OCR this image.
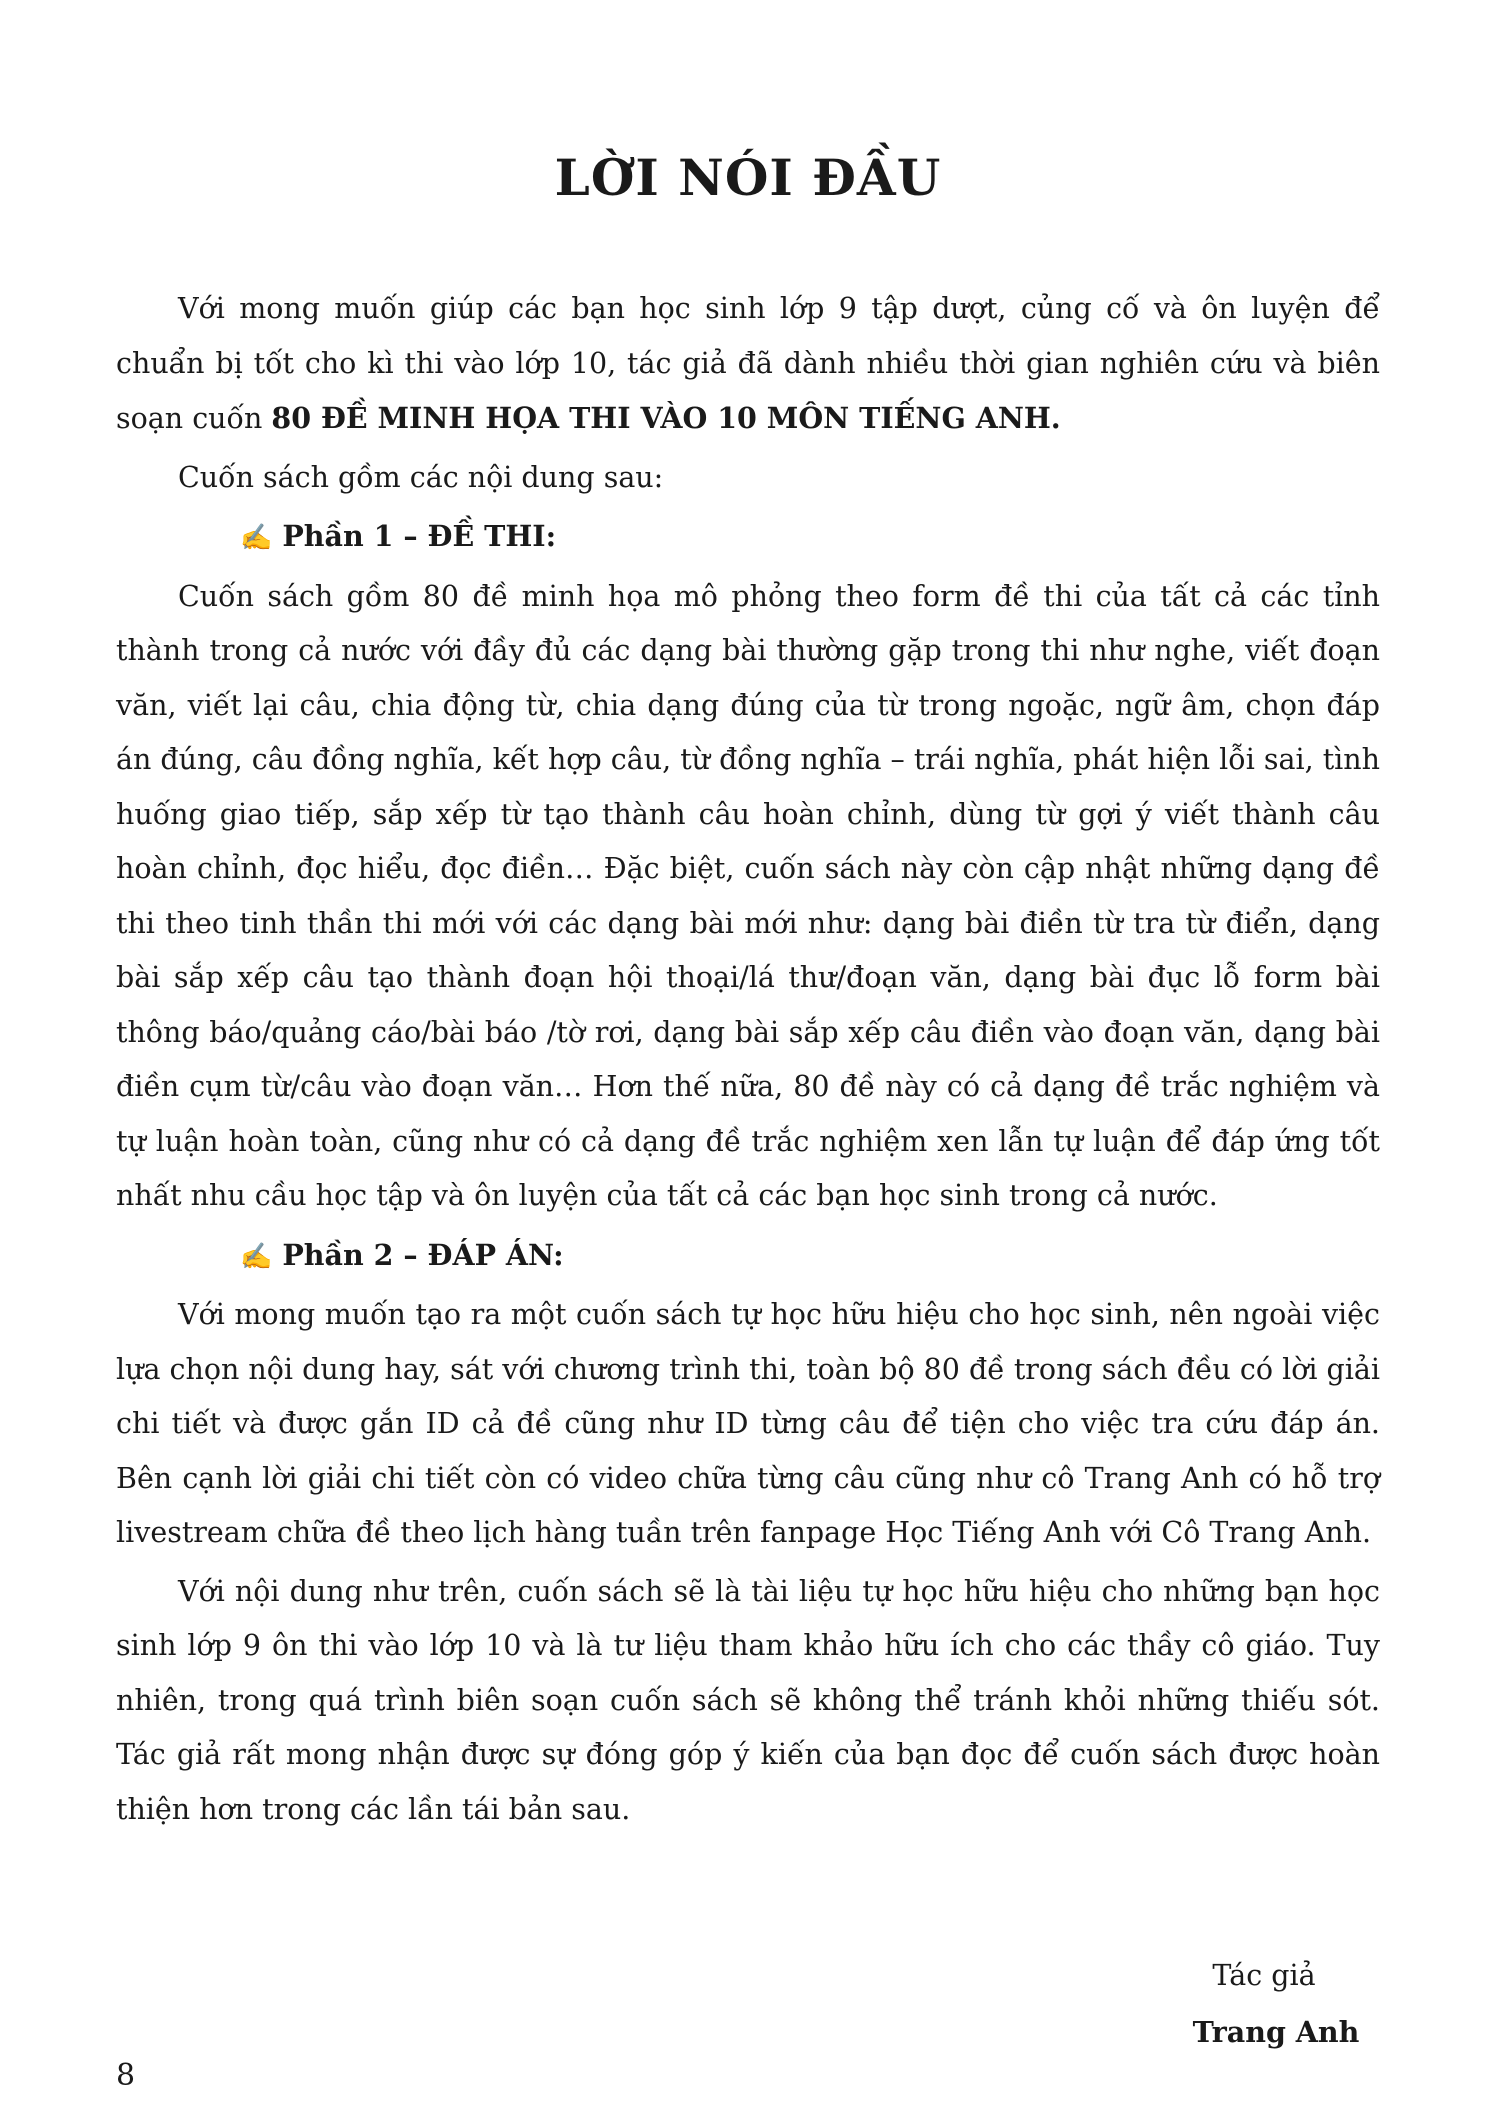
LỜI NÓI ĐẦU

Với mong muốn giúp các bạn học sinh lớp 9 tập dượt, củng cố và ôn luyện để chuẩn bị tốt cho kì thi vào lớp 10, tác giả đã dành nhiều thời gian nghiên cứu và biên soạn cuốn 80 ĐỀ MINH HỌA THI VÀO 10 MÔN TIẾNG ANH.

Cuốn sách gồm các nội dung sau:

✍ Phần 1 – ĐỀ THI:

Cuốn sách gồm 80 đề minh họa mô phỏng theo form đề thi của tất cả các tỉnh thành trong cả nước với đầy đủ các dạng bài thường gặp trong thi như nghe, viết đoạn văn, viết lại câu, chia động từ, chia dạng đúng của từ trong ngoặc, ngữ âm, chọn đáp án đúng, câu đồng nghĩa, kết hợp câu, từ đồng nghĩa – trái nghĩa, phát hiện lỗi sai, tình huống giao tiếp, sắp xếp từ tạo thành câu hoàn chỉnh, dùng từ gợi ý viết thành câu hoàn chỉnh, đọc hiểu, đọc điền… Đặc biệt, cuốn sách này còn cập nhật những dạng đề thi theo tinh thần thi mới với các dạng bài mới như: dạng bài điền từ tra từ điển, dạng bài sắp xếp câu tạo thành đoạn hội thoại/lá thư/đoạn văn, dạng bài đục lỗ form bài thông báo/quảng cáo/bài báo /tờ rơi, dạng bài sắp xếp câu điền vào đoạn văn, dạng bài điền cụm từ/câu vào đoạn văn… Hơn thế nữa, 80 đề này có cả dạng đề trắc nghiệm và tự luận hoàn toàn, cũng như có cả dạng đề trắc nghiệm xen lẫn tự luận để đáp ứng tốt nhất nhu cầu học tập và ôn luyện của tất cả các bạn học sinh trong cả nước.

✍ Phần 2 – ĐÁP ÁN:

Với mong muốn tạo ra một cuốn sách tự học hữu hiệu cho học sinh, nên ngoài việc lựa chọn nội dung hay, sát với chương trình thi, toàn bộ 80 đề trong sách đều có lời giải chi tiết và được gắn ID cả đề cũng như ID từng câu để tiện cho việc tra cứu đáp án. Bên cạnh lời giải chi tiết còn có video chữa từng câu cũng như cô Trang Anh có hỗ trợ livestream chữa đề theo lịch hàng tuần trên fanpage Học Tiếng Anh với Cô Trang Anh.

Với nội dung như trên, cuốn sách sẽ là tài liệu tự học hữu hiệu cho những bạn học sinh lớp 9 ôn thi vào lớp 10 và là tư liệu tham khảo hữu ích cho các thầy cô giáo. Tuy nhiên, trong quá trình biên soạn cuốn sách sẽ không thể tránh khỏi những thiếu sót. Tác giả rất mong nhận được sự đóng góp ý kiến của bạn đọc để cuốn sách được hoàn thiện hơn trong các lần tái bản sau.

Tác giả
Trang Anh
8
